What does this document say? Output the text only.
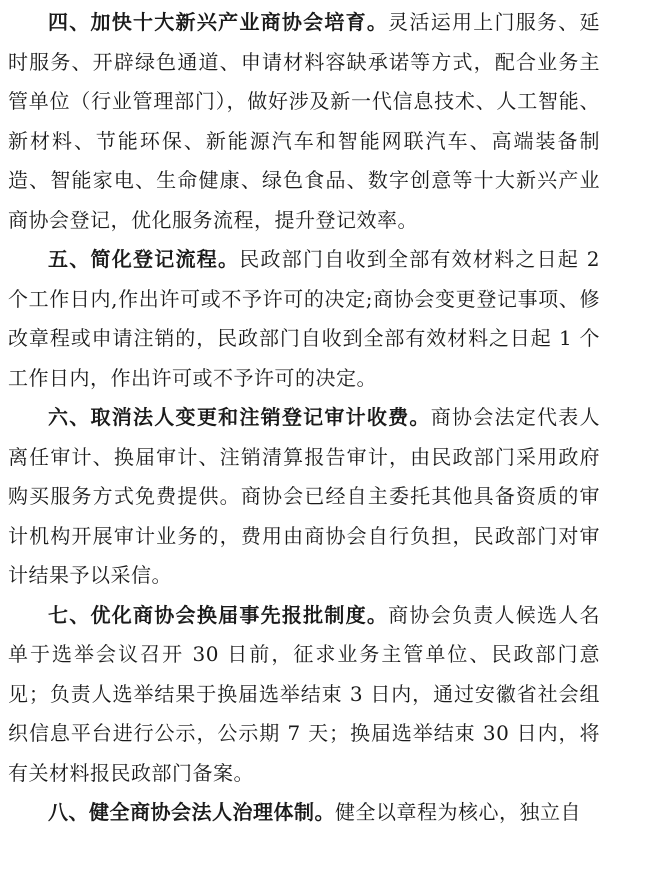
四、加快十大新兴产业商协会培育。灵活运用上门服务、延时服务、开辟绿色通道、申请材料容缺承诺等方式，配合业务主管单位（行业管理部门），做好涉及新一代信息技术、人工智能、新材料、节能环保、新能源汽车和智能网联汽车、高端装备制造、智能家电、生命健康、绿色食品、数字创意等十大新兴产业商协会登记，优化服务流程，提升登记效率。

五、简化登记流程。民政部门自收到全部有效材料之日起 2 个工作日内,作出许可或不予许可的决定;商协会变更登记事项、修改章程或申请注销的，民政部门自收到全部有效材料之日起 1 个工作日内，作出许可或不予许可的决定。

六、取消法人变更和注销登记审计收费。商协会法定代表人离任审计、换届审计、注销清算报告审计，由民政部门采用政府购买服务方式免费提供。商协会已经自主委托其他具备资质的审计机构开展审计业务的，费用由商协会自行负担，民政部门对审计结果予以采信。

七、优化商协会换届事先报批制度。商协会负责人候选人名单于选举会议召开 30 日前，征求业务主管单位、民政部门意见；负责人选举结果于换届选举结束 3 日内，通过安徽省社会组织信息平台进行公示，公示期 7 天；换届选举结束 30 日内，将有关材料报民政部门备案。

八、健全商协会法人治理体制。健全以章程为核心，独立自
